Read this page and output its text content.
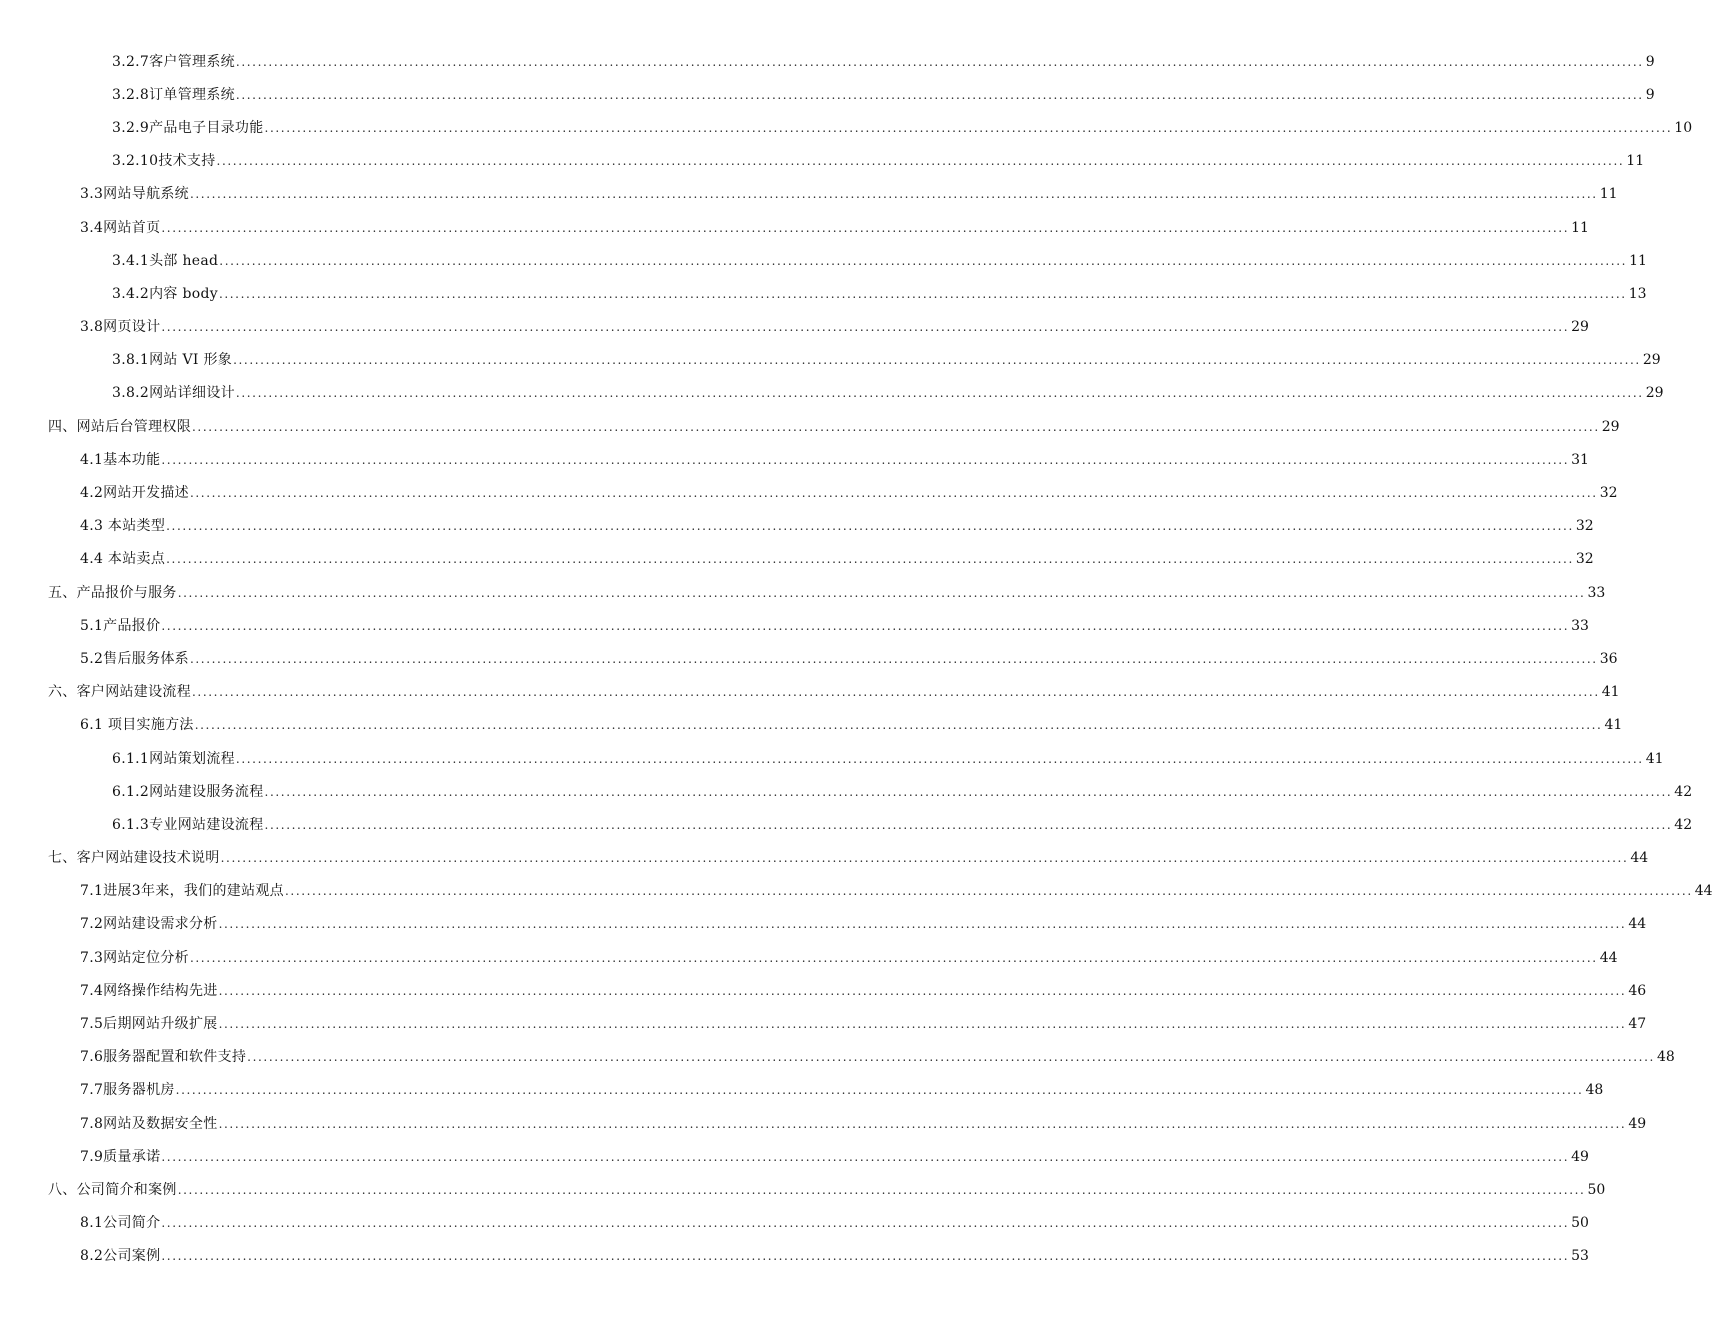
3.2.7客户管理系统 .................................................................................................................................................................................................................................................................... 9
3.2.8订单管理系统 .................................................................................................................................................................................................................................................................... 9
3.2.9产品电子目录功能 .................................................................................................................................................................................................................................................................... 10
3.2.10技术支持 .................................................................................................................................................................................................................................................................... 11
3.3网站导航系统 .................................................................................................................................................................................................................................................................... 11
3.4网站首页 .................................................................................................................................................................................................................................................................... 11
3.4.1头部 head .................................................................................................................................................................................................................................................................... 11
3.4.2内容 body .................................................................................................................................................................................................................................................................... 13
3.8网页设计 .................................................................................................................................................................................................................................................................... 29
3.8.1网站 VI 形象 .................................................................................................................................................................................................................................................................... 29
3.8.2网站详细设计 .................................................................................................................................................................................................................................................................... 29
四、网站后台管理权限 .................................................................................................................................................................................................................................................................... 29
4.1基本功能 .................................................................................................................................................................................................................................................................... 31
4.2网站开发描述 .................................................................................................................................................................................................................................................................... 32
4.3 本站类型 .................................................................................................................................................................................................................................................................... 32
4.4 本站卖点 .................................................................................................................................................................................................................................................................... 32
五、产品报价与服务 .................................................................................................................................................................................................................................................................... 33
5.1产品报价 .................................................................................................................................................................................................................................................................... 33
5.2售后服务体系 .................................................................................................................................................................................................................................................................... 36
六、客户网站建设流程 .................................................................................................................................................................................................................................................................... 41
6.1 项目实施方法 .................................................................................................................................................................................................................................................................... 41
6.1.1网站策划流程 .................................................................................................................................................................................................................................................................... 41
6.1.2网站建设服务流程 .................................................................................................................................................................................................................................................................... 42
6.1.3专业网站建设流程 .................................................................................................................................................................................................................................................................... 42
七、客户网站建设技术说明 .................................................................................................................................................................................................................................................................... 44
7.1进展3年来，我们的建站观点 .................................................................................................................................................................................................................................................................... 44
7.2网站建设需求分析 .................................................................................................................................................................................................................................................................... 44
7.3网站定位分析 .................................................................................................................................................................................................................................................................... 44
7.4网络操作结构先进 .................................................................................................................................................................................................................................................................... 46
7.5后期网站升级扩展 .................................................................................................................................................................................................................................................................... 47
7.6服务器配置和软件支持 .................................................................................................................................................................................................................................................................... 48
7.7服务器机房 .................................................................................................................................................................................................................................................................... 48
7.8网站及数据安全性 .................................................................................................................................................................................................................................................................... 49
7.9质量承诺 .................................................................................................................................................................................................................................................................... 49
八、公司简介和案例 .................................................................................................................................................................................................................................................................... 50
8.1公司简介 .................................................................................................................................................................................................................................................................... 50
8.2公司案例 .................................................................................................................................................................................................................................................................... 53
